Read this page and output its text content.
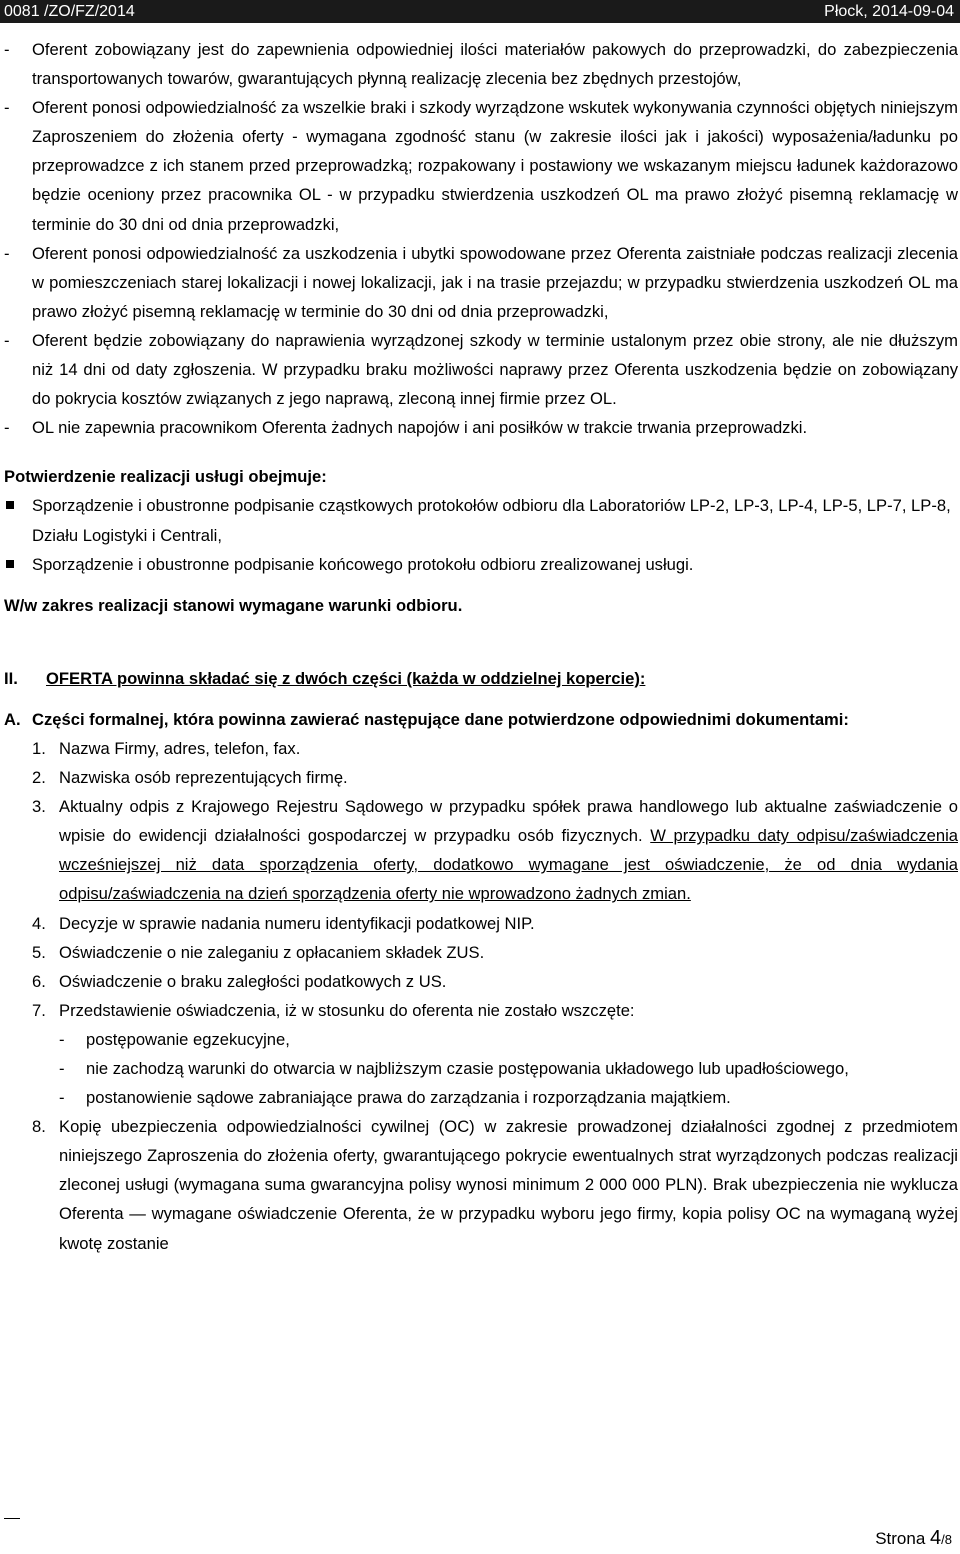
0081 /ZO/FZ/2014	Płock, 2014-09-04
-	Oferent zobowiązany jest do zapewnienia odpowiedniej ilości materiałów pakowych do przeprowadzki, do zabezpieczenia transportowanych towarów, gwarantujących płynną realizację zlecenia bez zbędnych przestojów,
-	Oferent ponosi odpowiedzialność za wszelkie braki i szkody wyrządzone wskutek wykonywania czynności objętych niniejszym Zaproszeniem do złożenia oferty - wymagana zgodność stanu (w zakresie ilości jak i jakości) wyposażenia/ładunku po przeprowadzce z ich stanem przed przeprowadzką; rozpakowany i postawiony we wskazanym miejscu ładunek każdorazowo będzie oceniony przez pracownika OL - w przypadku stwierdzenia uszkodzeń OL ma prawo złożyć pisemną reklamację w terminie do 30 dni od dnia przeprowadzki,
-	Oferent ponosi odpowiedzialność za uszkodzenia i ubytki spowodowane przez Oferenta zaistniałe podczas realizacji zlecenia w pomieszczeniach starej lokalizacji i nowej lokalizacji, jak i na trasie przejazdu; w przypadku stwierdzenia uszkodzeń OL ma prawo złożyć pisemną reklamację w terminie do 30 dni od dnia przeprowadzki,
-	Oferent będzie zobowiązany do naprawienia wyrządzonej szkody w terminie ustalonym przez obie strony, ale nie dłuższym niż 14 dni od daty zgłoszenia. W przypadku braku możliwości naprawy przez Oferenta uszkodzenia będzie on zobowiązany do pokrycia kosztów związanych z jego naprawą, zleconą innej firmie przez OL.
-	OL nie zapewnia pracownikom Oferenta żadnych napojów i ani posiłków w trakcie trwania przeprowadzki.
Potwierdzenie realizacji usługi obejmuje:
Sporządzenie i obustronne podpisanie cząstkowych protokołów odbioru dla Laboratoriów LP-2, LP-3, LP-4, LP-5, LP-7, LP-8, Działu Logistyki i Centrali,
Sporządzenie i obustronne podpisanie końcowego protokołu odbioru zrealizowanej usługi.
W/w zakres realizacji stanowi wymagane warunki odbioru.
II.	OFERTA powinna składać się z dwóch części (każda w oddzielnej kopercie):
A. Części formalnej, która powinna zawierać następujące dane potwierdzone odpowiednimi dokumentami:
1. Nazwa Firmy, adres, telefon, fax.
2. Nazwiska osób reprezentujących firmę.
3. Aktualny odpis z Krajowego Rejestru Sądowego w przypadku spółek prawa handlowego lub aktualne zaświadczenie o wpisie do ewidencji działalności gospodarczej w przypadku osób fizycznych. W przypadku daty odpisu/zaświadczenia wcześniejszej niż data sporządzenia oferty, dodatkowo wymagane jest oświadczenie, że od dnia wydania odpisu/zaświadczenia na dzień sporządzenia oferty nie wprowadzono żadnych zmian.
4. Decyzje w sprawie nadania numeru identyfikacji podatkowej NIP.
5. Oświadczenie o nie zaleganiu z opłacaniem składek ZUS.
6. Oświadczenie o braku zaległości podatkowych z US.
7. Przedstawienie oświadczenia, iż w stosunku do oferenta nie zostało wszczęte:
-	postępowanie egzekucyjne,
-	nie zachodzą warunki do otwarcia w najbliższym czasie postępowania układowego lub upadłościowego,
-	postanowienie sądowe zabraniające prawa do zarządzania i rozporządzania majątkiem.
8. Kopię ubezpieczenia odpowiedzialności cywilnej (OC) w zakresie prowadzonej działalności zgodnej z przedmiotem niniejszego Zaproszenia do złożenia oferty, gwarantującego pokrycie ewentualnych strat wyrządzonych podczas realizacji zleconej usługi (wymagana suma gwarancyjna polisy wynosi minimum 2 000 000 PLN). Brak ubezpieczenia nie wyklucza Oferenta — wymagane oświadczenie Oferenta, że w przypadku wyboru jego firmy, kopia polisy OC na wymaganą wyżej kwotę zostanie
Strona 4/8
